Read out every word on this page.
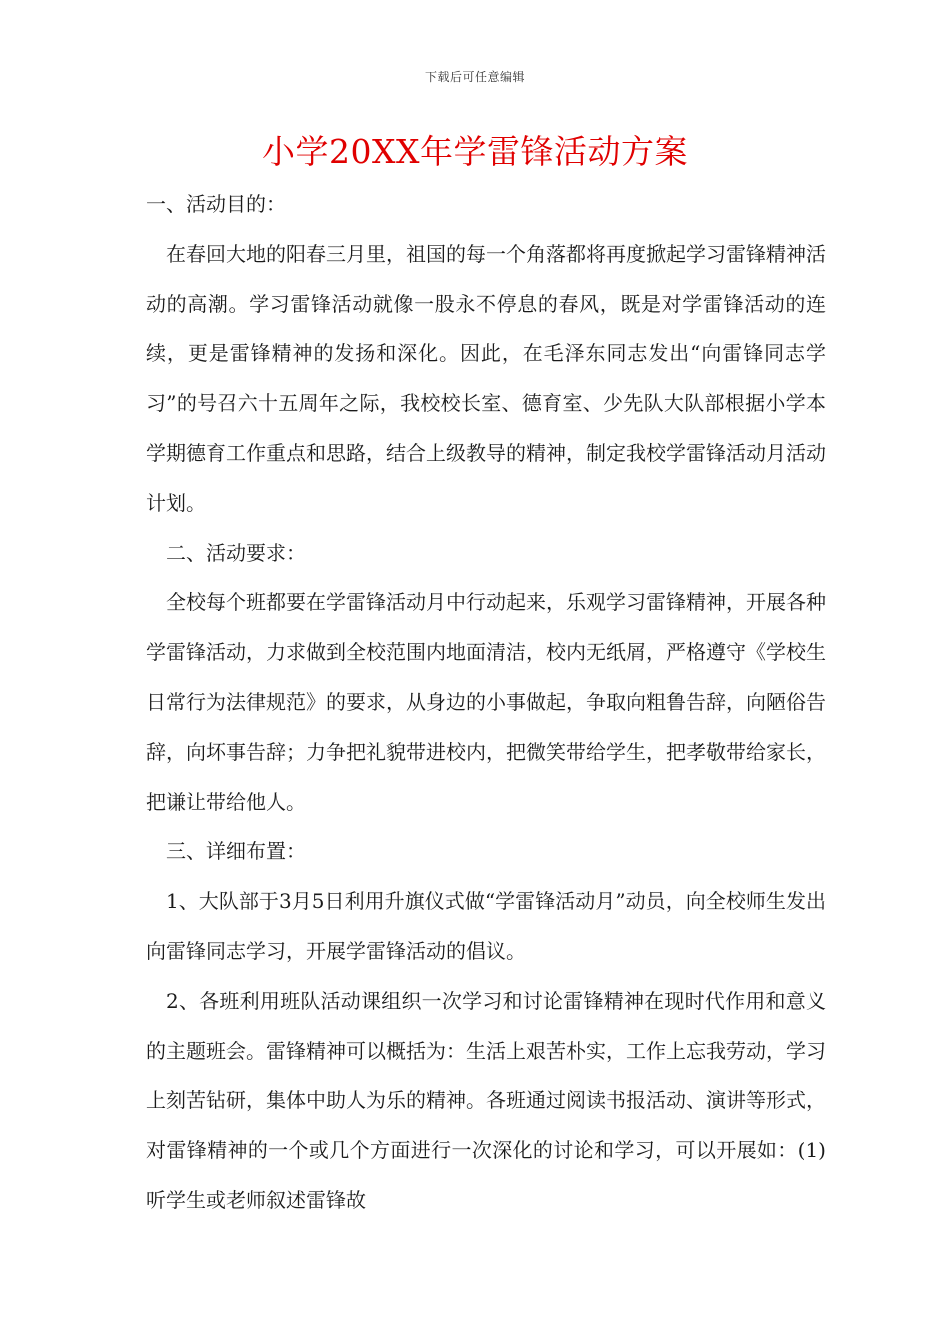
下载后可任意编辑
小学20XX年学雷锋活动方案

一、活动目的：

在春回大地的阳春三月里，祖国的每一个角落都将再度掀起学习雷锋精神活动的高潮。学习雷锋活动就像一股永不停息的春风，既是对学雷锋活动的连续，更是雷锋精神的发扬和深化。因此，在毛泽东同志发出“向雷锋同志学习”的号召六十五周年之际，我校校长室、德育室、少先队大队部根据小学本学期德育工作重点和思路，结合上级教导的精神，制定我校学雷锋活动月活动计划。

二、活动要求：

全校每个班都要在学雷锋活动月中行动起来，乐观学习雷锋精神，开展各种学雷锋活动，力求做到全校范围内地面清洁，校内无纸屑，严格遵守《学校生日常行为法律规范》的要求，从身边的小事做起，争取向粗鲁告辞，向陋俗告辞，向坏事告辞；力争把礼貌带进校内，把微笑带给学生，把孝敬带给家长，把谦让带给他人。

三、详细布置：

1、大队部于3月5日利用升旗仪式做“学雷锋活动月”动员，向全校师生发出向雷锋同志学习，开展学雷锋活动的倡议。

2、各班利用班队活动课组织一次学习和讨论雷锋精神在现时代作用和意义的主题班会。雷锋精神可以概括为：生活上艰苦朴实，工作上忘我劳动，学习上刻苦钻研，集体中助人为乐的精神。各班通过阅读书报活动、演讲等形式，对雷锋精神的一个或几个方面进行一次深化的讨论和学习，可以开展如：(1)听学生或老师叙述雷锋故
